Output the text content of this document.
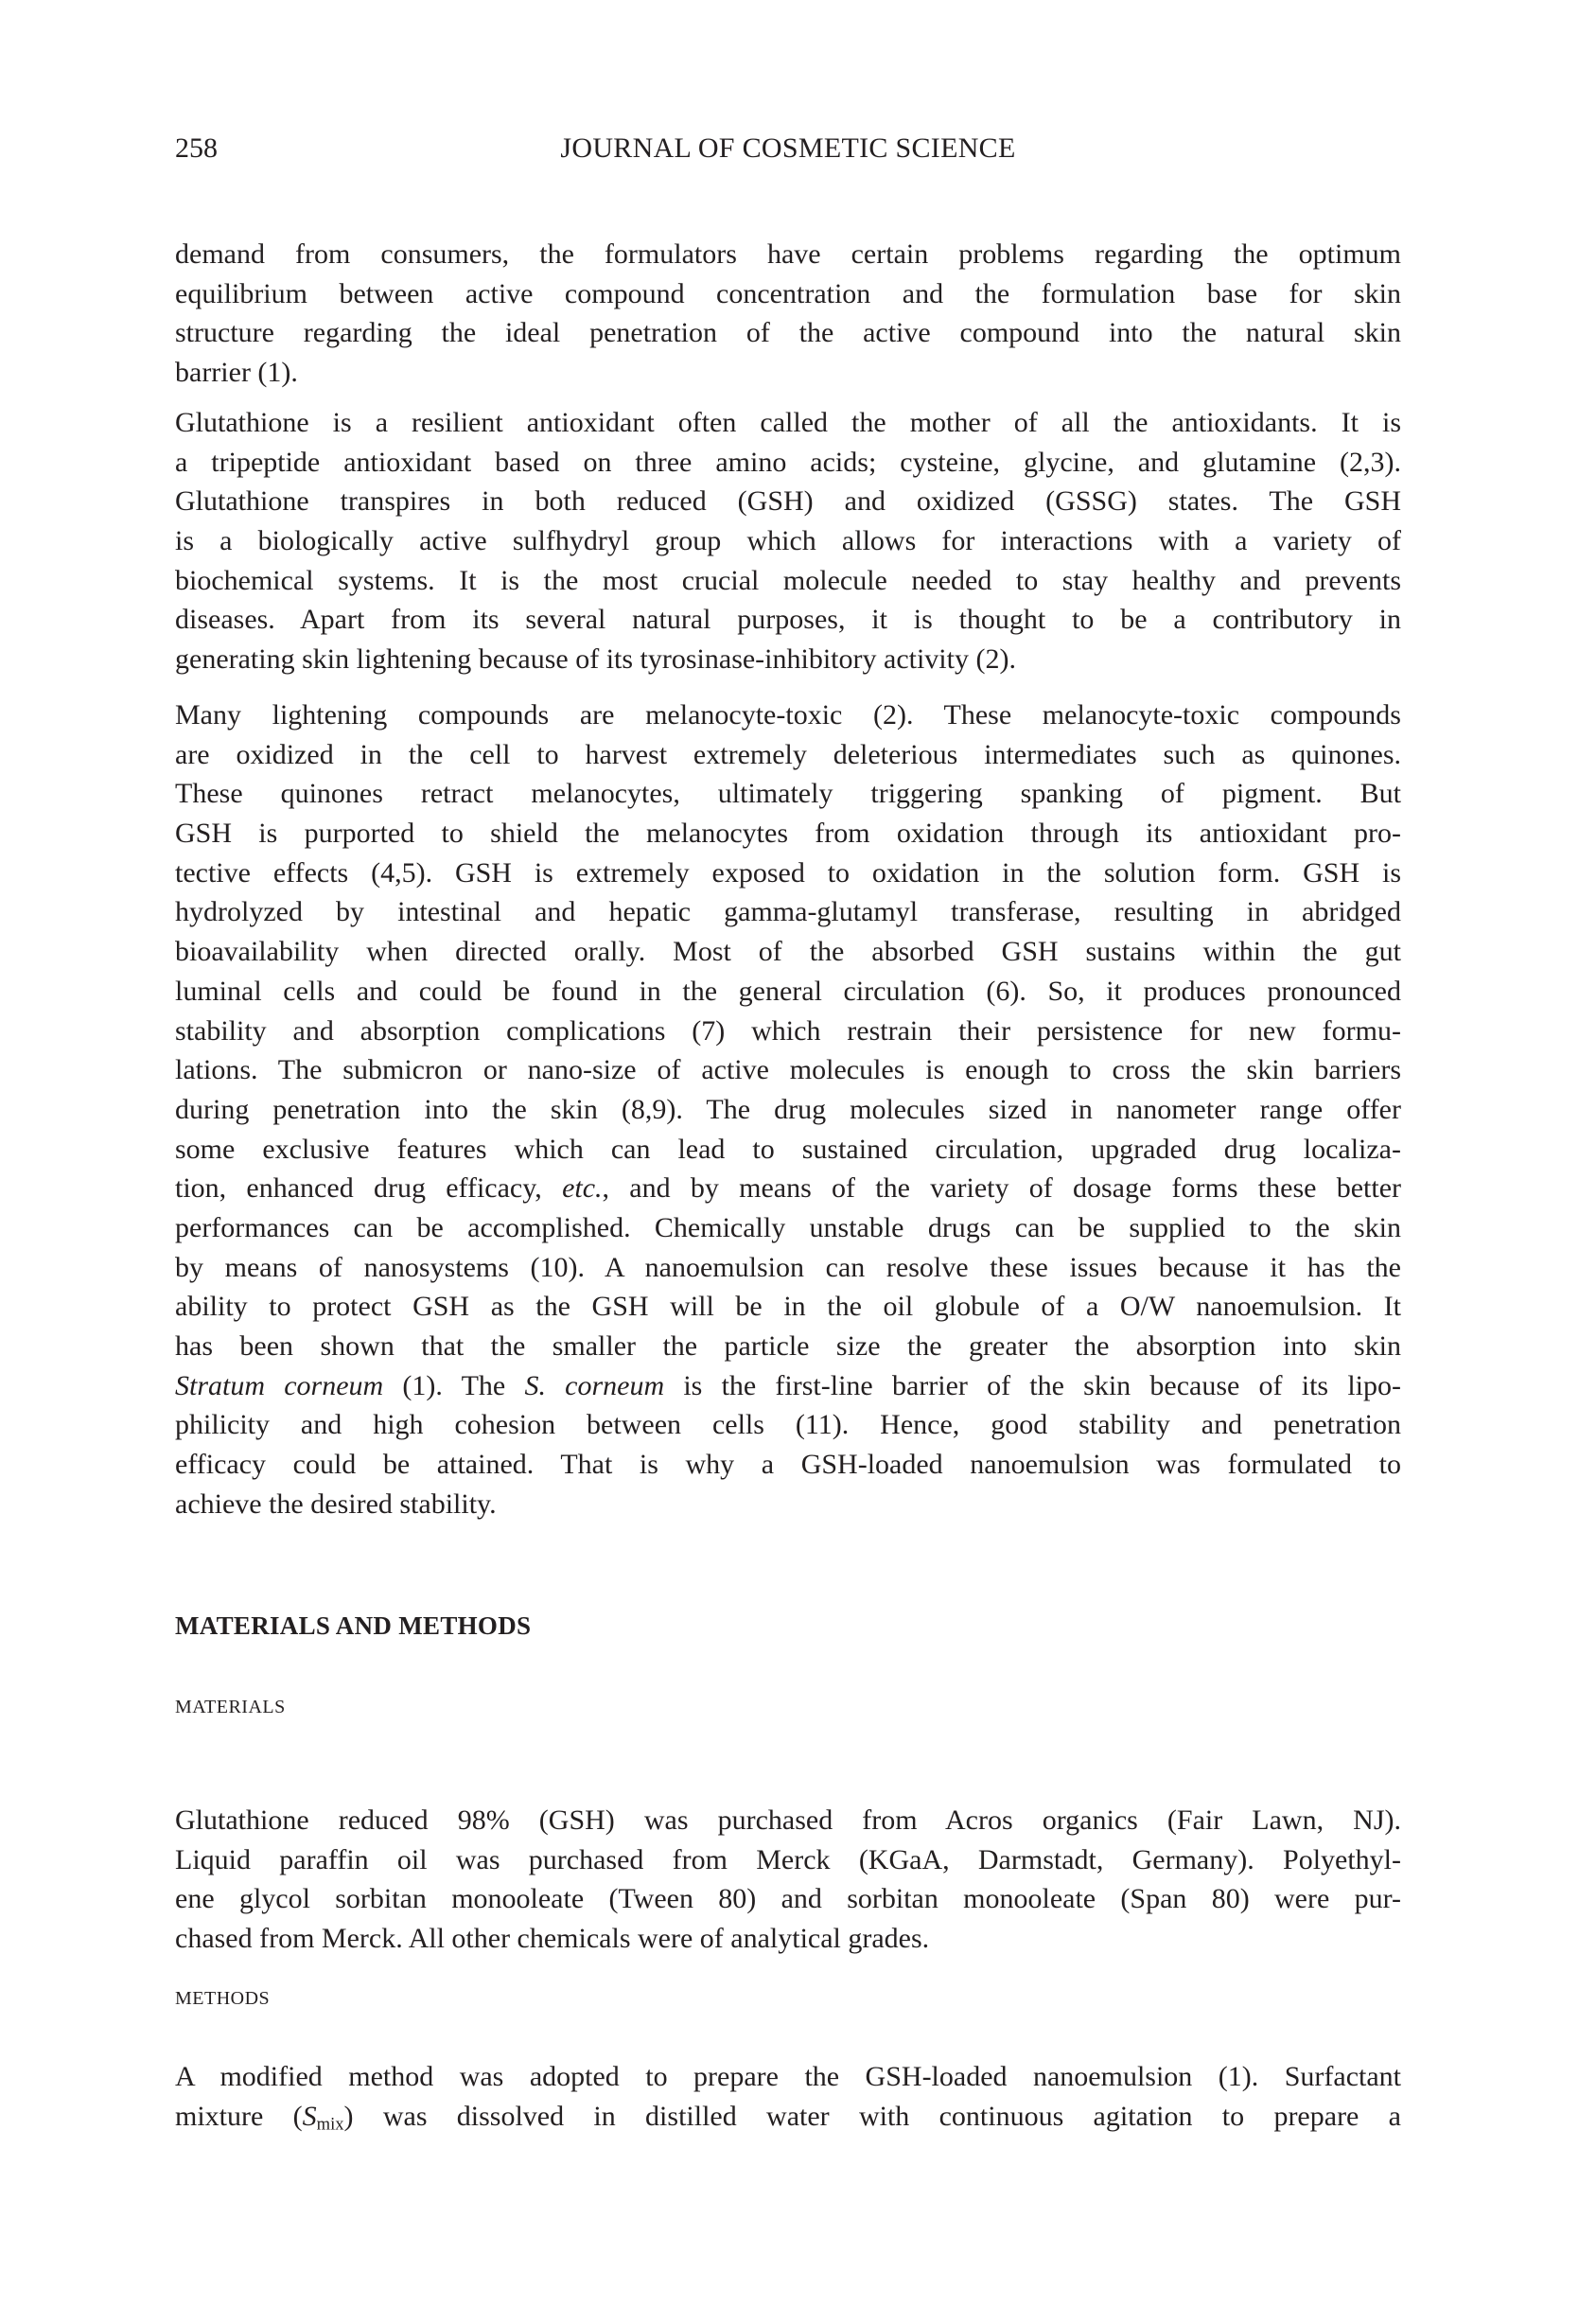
258	JOURNAL OF COSMETIC SCIENCE
demand from consumers, the formulators have certain problems regarding the optimum
equilibrium between active compound concentration and the formulation base for skin
structure regarding the ideal penetration of the active compound into the natural skin
barrier (1).
Glutathione is a resilient antioxidant often called the mother of all the antioxidants. It is
a tripeptide antioxidant based on three amino acids; cysteine, glycine, and glutamine (2,3).
Glutathione transpires in both reduced (GSH) and oxidized (GSSG) states. The GSH
is a biologically active sulfhydryl group which allows for interactions with a variety of
biochemical systems. It is the most crucial molecule needed to stay healthy and prevents
diseases. Apart from its several natural purposes, it is thought to be a contributory in
generating skin lightening because of its tyrosinase-inhibitory activity (2).
Many lightening compounds are melanocyte-toxic (2). These melanocyte-toxic compounds
are oxidized in the cell to harvest extremely deleterious intermediates such as quinones.
These quinones retract melanocytes, ultimately triggering spanking of pigment. But
GSH is purported to shield the melanocytes from oxidation through its antioxidant pro-
tective effects (4,5). GSH is extremely exposed to oxidation in the solution form. GSH is
hydrolyzed by intestinal and hepatic gamma-glutamyl transferase, resulting in abridged
bioavailability when directed orally. Most of the absorbed GSH sustains within the gut
luminal cells and could be found in the general circulation (6). So, it produces pronounced
stability and absorption complications (7) which restrain their persistence for new formu-
lations. The submicron or nano-size of active molecules is enough to cross the skin barriers
during penetration into the skin (8,9). The drug molecules sized in nanometer range offer
some exclusive features which can lead to sustained circulation, upgraded drug localiza-
tion, enhanced drug efficacy, etc., and by means of the variety of dosage forms these better
performances can be accomplished. Chemically unstable drugs can be supplied to the skin
by means of nanosystems (10). A nanoemulsion can resolve these issues because it has the
ability to protect GSH as the GSH will be in the oil globule of a O/W nanoemulsion. It
has been shown that the smaller the particle size the greater the absorption into skin
Stratum corneum (1). The S. corneum is the first-line barrier of the skin because of its lipo-
philicity and high cohesion between cells (11). Hence, good stability and penetration
efficacy could be attained. That is why a GSH-loaded nanoemulsion was formulated to
achieve the desired stability.
MATERIALS AND METHODS
MATERIALS
Glutathione reduced 98% (GSH) was purchased from Acros organics (Fair Lawn, NJ).
Liquid paraffin oil was purchased from Merck (KGaA, Darmstadt, Germany). Polyethyl-
ene glycol sorbitan monooleate (Tween 80) and sorbitan monooleate (Span 80) were pur-
chased from Merck. All other chemicals were of analytical grades.
METHODS
A modified method was adopted to prepare the GSH-loaded nanoemulsion (1). Surfactant
mixture $(S_{mix})$ was dissolved in distilled water with continuous agitation to prepare a
